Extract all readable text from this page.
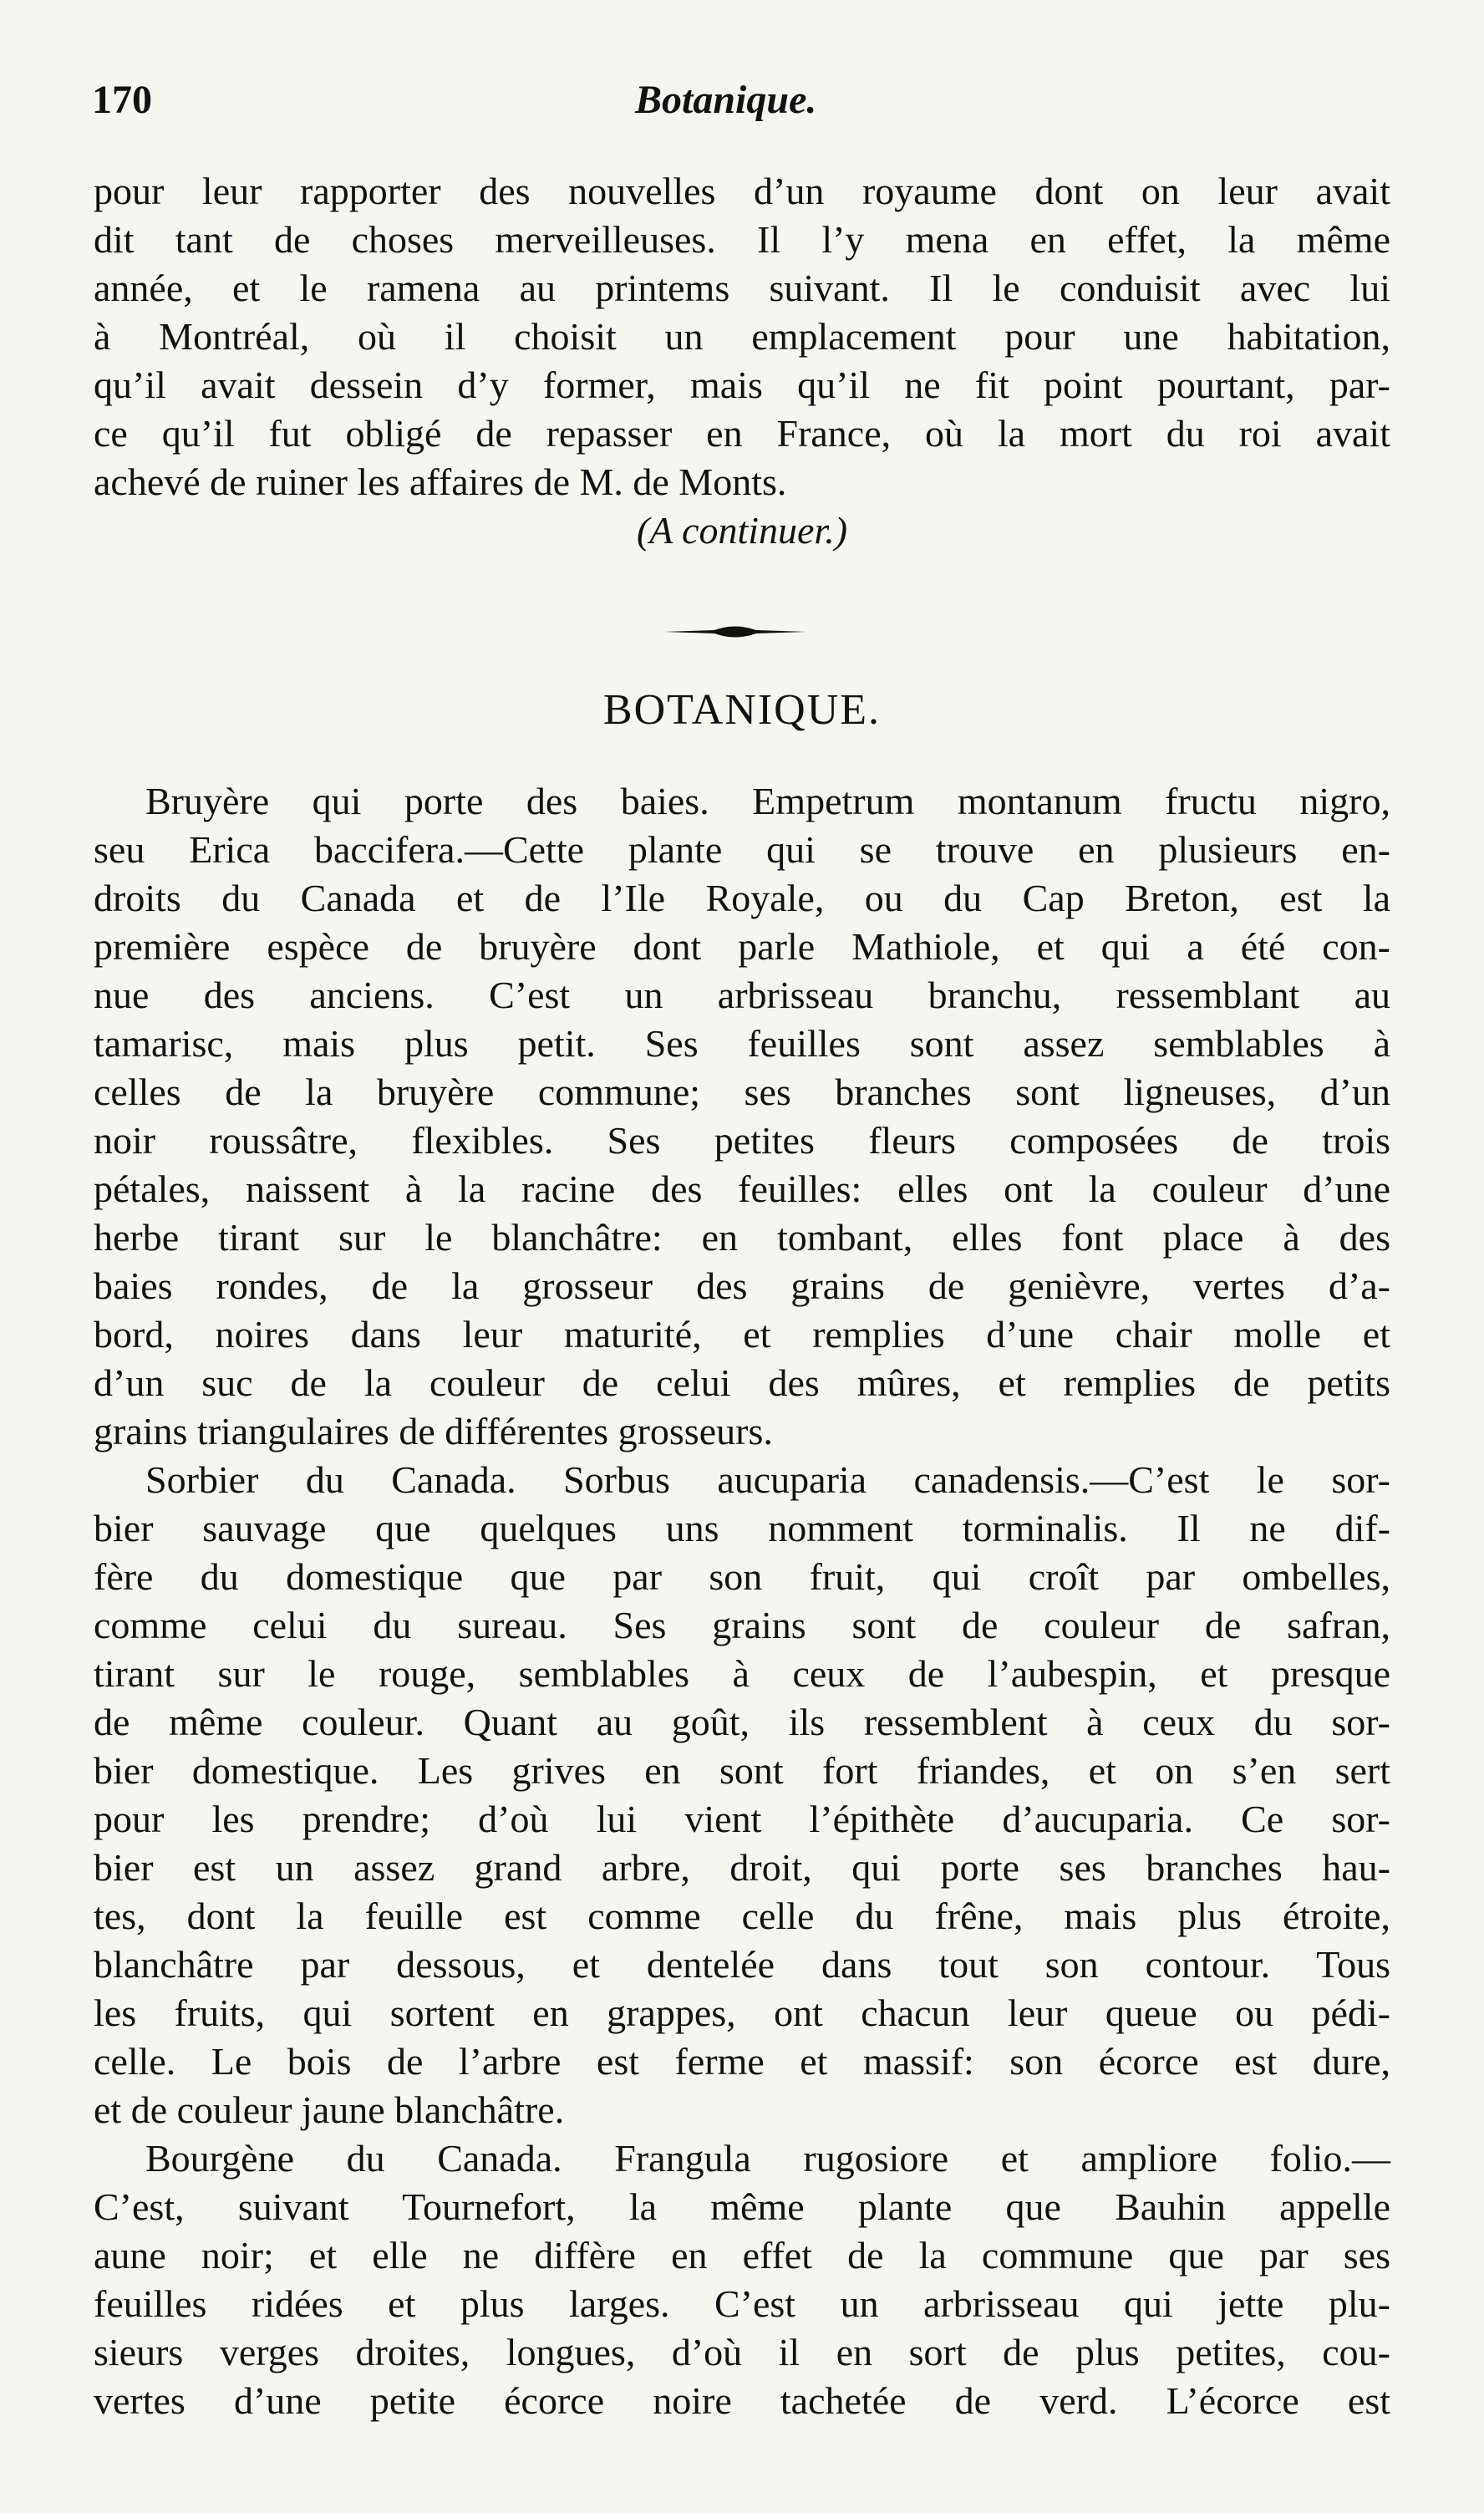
170	Botanique.
pour leur rapporter des nouvelles d’un royaume dont on leur avait
dit tant de choses merveilleuses. Il l’y mena en effet, la même
année, et le ramena au printems suivant. Il le conduisit avec lui
à Montréal, où il choisit un emplacement pour une habitation,
qu’il avait dessein d’y former, mais qu’il ne fit point pourtant, par-
ce qu’il fut obligé de repasser en France, où la mort du roi avait
achevé de ruiner les affaires de M. de Monts.
(A continuer.)
BOTANIQUE.
Bruyère qui porte des baies. Empetrum montanum fructu nigro,
seu Erica baccifera.—Cette plante qui se trouve en plusieurs en-
droits du Canada et de l’Ile Royale, ou du Cap Breton, est la
première espèce de bruyère dont parle Mathiole, et qui a été con-
nue des anciens. C’est un arbrisseau branchu, ressemblant au
tamarisc, mais plus petit. Ses feuilles sont assez semblables à
celles de la bruyère commune; ses branches sont ligneuses, d’un
noir roussâtre, flexibles. Ses petites fleurs composées de trois
pétales, naissent à la racine des feuilles: elles ont la couleur d’une
herbe tirant sur le blanchâtre: en tombant, elles font place à des
baies rondes, de la grosseur des grains de genièvre, vertes d’a-
bord, noires dans leur maturité, et remplies d’une chair molle et
d’un suc de la couleur de celui des mûres, et remplies de petits
grains triangulaires de différentes grosseurs.
Sorbier du Canada. Sorbus aucuparia canadensis.—C’est le sor-
bier sauvage que quelques uns nomment torminalis. Il ne dif-
fère du domestique que par son fruit, qui croît par ombelles,
comme celui du sureau. Ses grains sont de couleur de safran,
tirant sur le rouge, semblables à ceux de l’aubespin, et presque
de même couleur. Quant au goût, ils ressemblent à ceux du sor-
bier domestique. Les grives en sont fort friandes, et on s’en sert
pour les prendre; d’où lui vient l’épithète d’aucuparia. Ce sor-
bier est un assez grand arbre, droit, qui porte ses branches hau-
tes, dont la feuille est comme celle du frêne, mais plus étroite,
blanchâtre par dessous, et dentelée dans tout son contour. Tous
les fruits, qui sortent en grappes, ont chacun leur queue ou pédi-
celle. Le bois de l’arbre est ferme et massif: son écorce est dure,
et de couleur jaune blanchâtre.
Bourgène du Canada. Frangula rugosiore et ampliore folio.—
C’est, suivant Tournefort, la même plante que Bauhin appelle
aune noir; et elle ne diffère en effet de la commune que par ses
feuilles ridées et plus larges. C’est un arbrisseau qui jette plu-
sieurs verges droites, longues, d’où il en sort de plus petites, cou-
vertes d’une petite écorce noire tachetée de verd. L’écorce est
